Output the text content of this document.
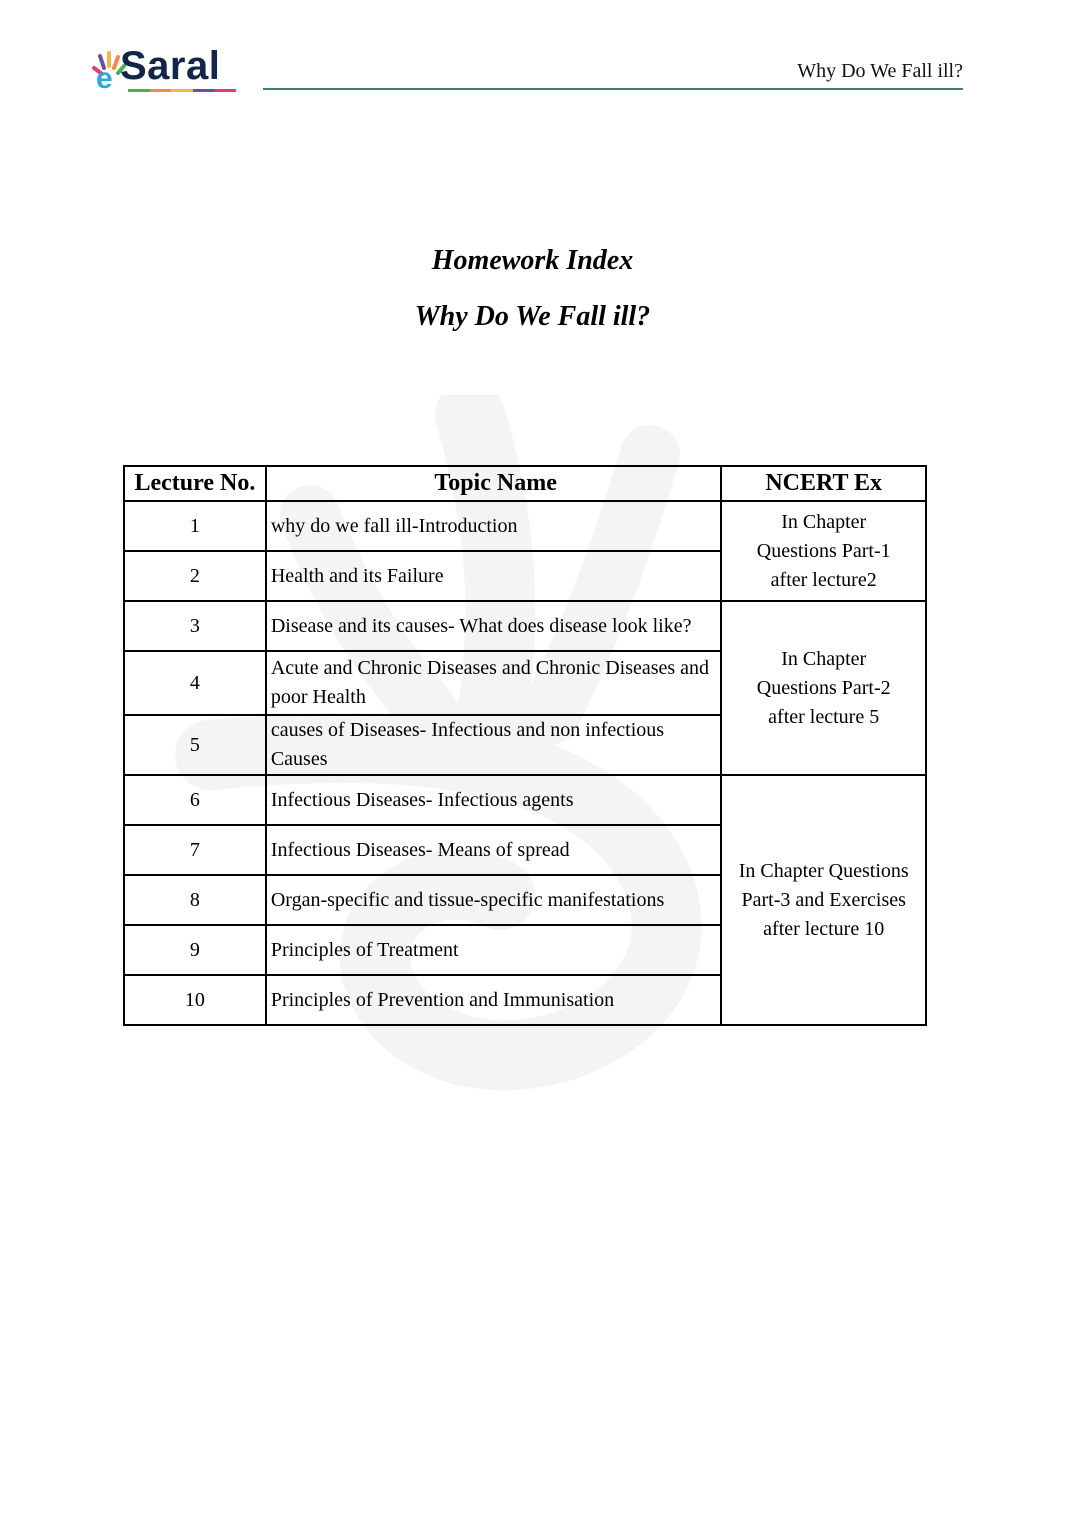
e Saral	Why Do We Fall ill?
Homework Index
Why Do We Fall ill?
Lecture No.	Topic Name	NCERT Ex
1	why do we fall ill-Introduction	In Chapter Questions Part-1 after lecture2
2	Health and its Failure	
3	Disease and its causes- What does disease look like?	In Chapter Questions Part-2 after lecture 5
4	Acute and Chronic Diseases and Chronic Diseases and poor Health	
5	causes of Diseases- Infectious and non infectious Causes	
6	Infectious Diseases- Infectious agents	In Chapter Questions Part-3 and Exercises after lecture 10
7	Infectious Diseases- Means of spread	
8	Organ-specific and tissue-specific manifestations	
9	Principles of Treatment	
10	Principles of Prevention and Immunisation	
